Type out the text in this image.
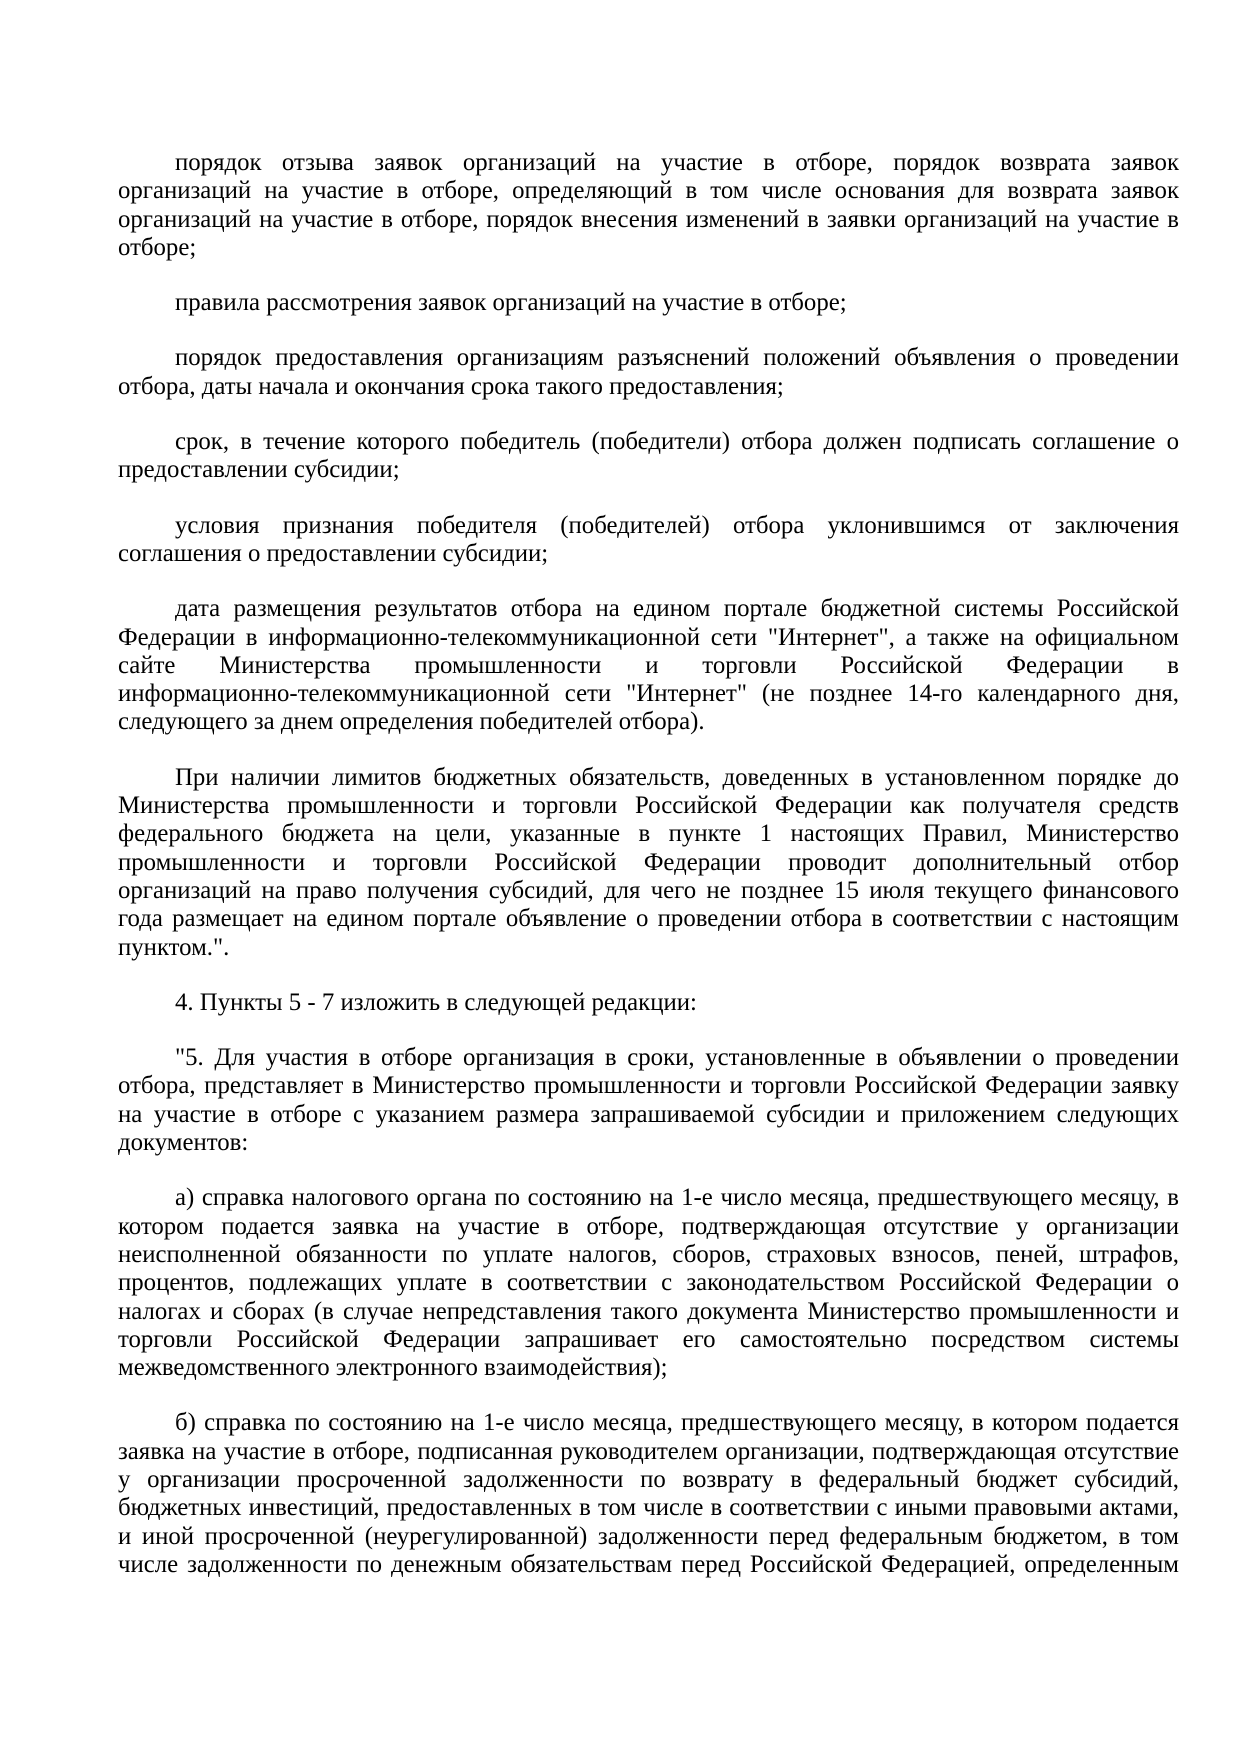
порядок отзыва заявок организаций на участие в отборе, порядок возврата заявок
организаций на участие в отборе, определяющий в том числе основания для возврата заявок
организаций на участие в отборе, порядок внесения изменений в заявки организаций на участие в
отборе;
правила рассмотрения заявок организаций на участие в отборе;
порядок предоставления организациям разъяснений положений объявления о проведении
отбора, даты начала и окончания срока такого предоставления;
срок, в течение которого победитель (победители) отбора должен подписать соглашение о
предоставлении субсидии;
условия признания победителя (победителей) отбора уклонившимся от заключения
соглашения о предоставлении субсидии;
дата размещения результатов отбора на едином портале бюджетной системы Российской
Федерации в информационно-телекоммуникационной сети "Интернет", а также на официальном
сайте Министерства промышленности и торговли Российской Федерации в
информационно-телекоммуникационной сети "Интернет" (не позднее 14-го календарного дня,
следующего за днем определения победителей отбора).
При наличии лимитов бюджетных обязательств, доведенных в установленном порядке до
Министерства промышленности и торговли Российской Федерации как получателя средств
федерального бюджета на цели, указанные в пункте 1 настоящих Правил, Министерство
промышленности и торговли Российской Федерации проводит дополнительный отбор
организаций на право получения субсидий, для чего не позднее 15 июля текущего финансового
года размещает на едином портале объявление о проведении отбора в соответствии с настоящим
пунктом.".
4. Пункты 5 - 7 изложить в следующей редакции:
"5. Для участия в отборе организация в сроки, установленные в объявлении о проведении
отбора, представляет в Министерство промышленности и торговли Российской Федерации заявку
на участие в отборе с указанием размера запрашиваемой субсидии и приложением следующих
документов:
а) справка налогового органа по состоянию на 1-е число месяца, предшествующего месяцу, в
котором подается заявка на участие в отборе, подтверждающая отсутствие у организации
неисполненной обязанности по уплате налогов, сборов, страховых взносов, пеней, штрафов,
процентов, подлежащих уплате в соответствии с законодательством Российской Федерации о
налогах и сборах (в случае непредставления такого документа Министерство промышленности и
торговли Российской Федерации запрашивает его самостоятельно посредством системы
межведомственного электронного взаимодействия);
б) справка по состоянию на 1-е число месяца, предшествующего месяцу, в котором подается
заявка на участие в отборе, подписанная руководителем организации, подтверждающая отсутствие
у организации просроченной задолженности по возврату в федеральный бюджет субсидий,
бюджетных инвестиций, предоставленных в том числе в соответствии с иными правовыми актами,
и иной просроченной (неурегулированной) задолженности перед федеральным бюджетом, в том
числе задолженности по денежным обязательствам перед Российской Федерацией, определенным
